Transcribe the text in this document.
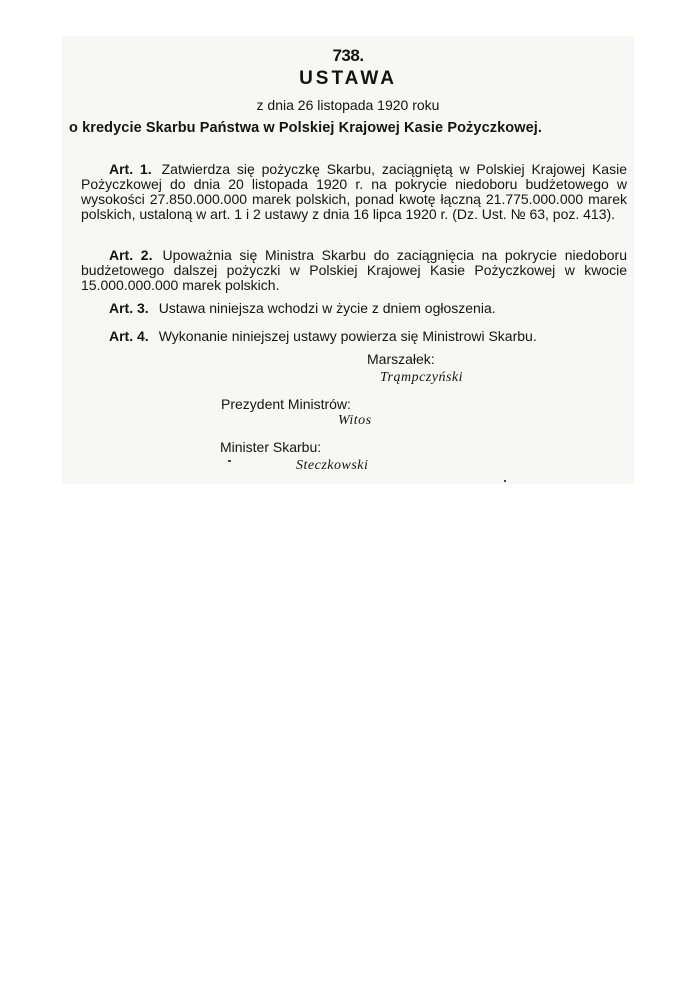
738.
USTAWA
z dnia 26 listopada 1920 roku
o kredycie Skarbu Państwa w Polskiej Krajowej Kasie Pożyczkowej.
Art. 1. Zatwierdza się pożyczkę Skarbu, zaciągniętą w Polskiej Krajowej Kasie Pożyczkowej do dnia 20 listopada 1920 r. na pokrycie niedoboru budżetowego w wysokości 27.850.000.000 marek polskich, ponad kwotę łączną 21.775.000.000 marek polskich, ustaloną w art. 1 i 2 ustawy z dnia 16 lipca 1920 r. (Dz. Ust. № 63, poz. 413).
Art. 2. Upoważnia się Ministra Skarbu do zaciągnięcia na pokrycie niedoboru budżetowego dalszej pożyczki w Polskiej Krajowej Kasie Pożyczkowej w kwocie 15.000.000.000 marek polskich.
Art. 3. Ustawa niniejsza wchodzi w życie z dniem ogłoszenia.
Art. 4. Wykonanie niniejszej ustawy powierza się Ministrowi Skarbu.
Marszałek:
Trąmpczyński
Prezydent Ministrów:
Witos
Minister Skarbu:
Steczkowski
